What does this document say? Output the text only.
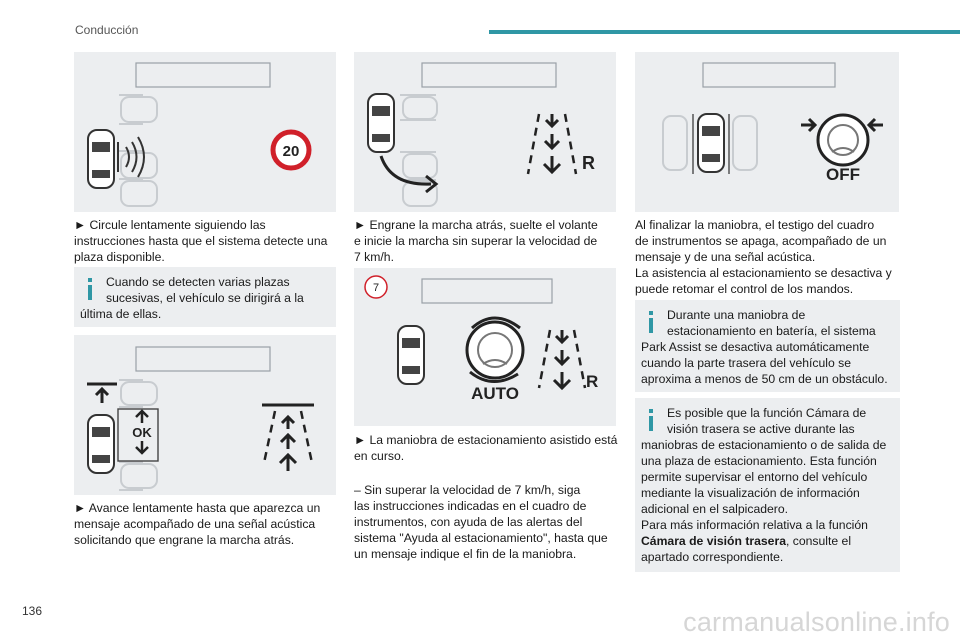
Conducción
20

► Circule lentamente siguiendo las instrucciones hasta que el sistema detecte una plaza disponible.

Cuando se detecten varias plazas sucesivas, el vehículo se dirigirá a la
última de ellas.
OK

► Avance lentamente hasta que aparezca un mensaje acompañado de una señal acústica solicitando que engrane la marcha atrás.

R

► Engrane la marcha atrás, suelte el volante

e inicie la marcha sin superar la velocidad de

7 km/h.

7
AUTO
R

► La maniobra de estacionamiento asistido está en curso.

– Sin superar la velocidad de 7 km/h, siga

las instrucciones indicadas en el cuadro de

instrumentos, con ayuda de las alertas del

sistema "Ayuda al estacionamiento", hasta que

un mensaje indique el fin de la maniobra.

OFF

Al finalizar la maniobra, el testigo del cuadro

de instrumentos se apaga, acompañado de un

mensaje y de una señal acústica.

La asistencia al estacionamiento se desactiva y

puede retomar el control de los mandos.

Durante una maniobra de estacionamiento en batería, el sistema
Park Assist se desactiva automáticamente
cuando la parte trasera del vehículo se
aproxima a menos de 50 cm de un obstáculo.
Es posible que la función Cámara de visión trasera se active durante las
maniobras de estacionamiento o de salida de
una plaza de estacionamiento. Esta función
permite supervisar el entorno del vehículo
mediante la visualización de información
adicional en el salpicadero.
Para más información relativa a la función
Cámara de visión trasera, consulte el
apartado correspondiente.
136	carmanualsonline.info
